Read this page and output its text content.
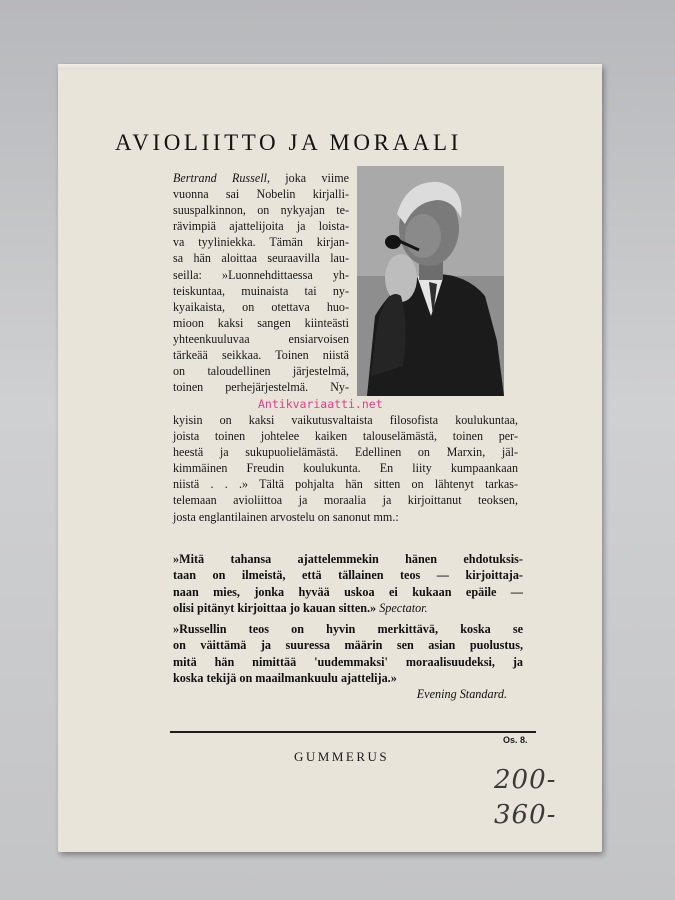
AVIOLIITTO JA MORAALI
Bertrand Russell, joka viime
vuonna sai Nobelin kirjalli-
suuspalkinnon, on nykyajan te-
rävimpiä ajattelijoita ja loista-
va tyyliniekka. Tämän kirjan-
sa hän aloittaa seuraavilla lau-
seilla: »Luonnehdittaessa yh-
teiskuntaa, muinaista tai ny-
kyaikaista, on otettava huo-
mioon kaksi sangen kiinteästi
yhteenkuuluvaa ensiarvoisen
tärkeää seikkaa. Toinen niistä
on taloudellinen järjestelmä,
toinen perhejärjestelmä. Ny-
Antikvariaatti.net
kyisin on kaksi vaikutusvaltaista filosofista koulukuntaa,
joista toinen johtelee kaiken talouselämästä, toinen per-
heestä ja sukupuolielämästä. Edellinen on Marxin, jäl-
kimmäinen Freudin koulukunta. En liity kumpaankaan
niistä . . .» Tältä pohjalta hän sitten on lähtenyt tarkas-
telemaan avioliittoa ja moraalia ja kirjoittanut teoksen,
josta englantilainen arvostelu on sanonut mm.:
»Mitä tahansa ajattelemmekin hänen ehdotuksis-
taan on ilmeistä, että tällainen teos — kirjoittaja-
naan mies, jonka hyvää uskoa ei kukaan epäile —
olisi pitänyt kirjoittaa jo kauan sitten.» Spectator.
»Russellin teos on hyvin merkittävä, koska se
on väittämä ja suuressa määrin sen asian puolustus,
mitä hän nimittää 'uudemmaksi' moraalisuudeksi, ja
koska tekijä on maailmankuulu ajattelija.»
Evening Standard.
Os. 8.
GUMMERUS
200-
360-
